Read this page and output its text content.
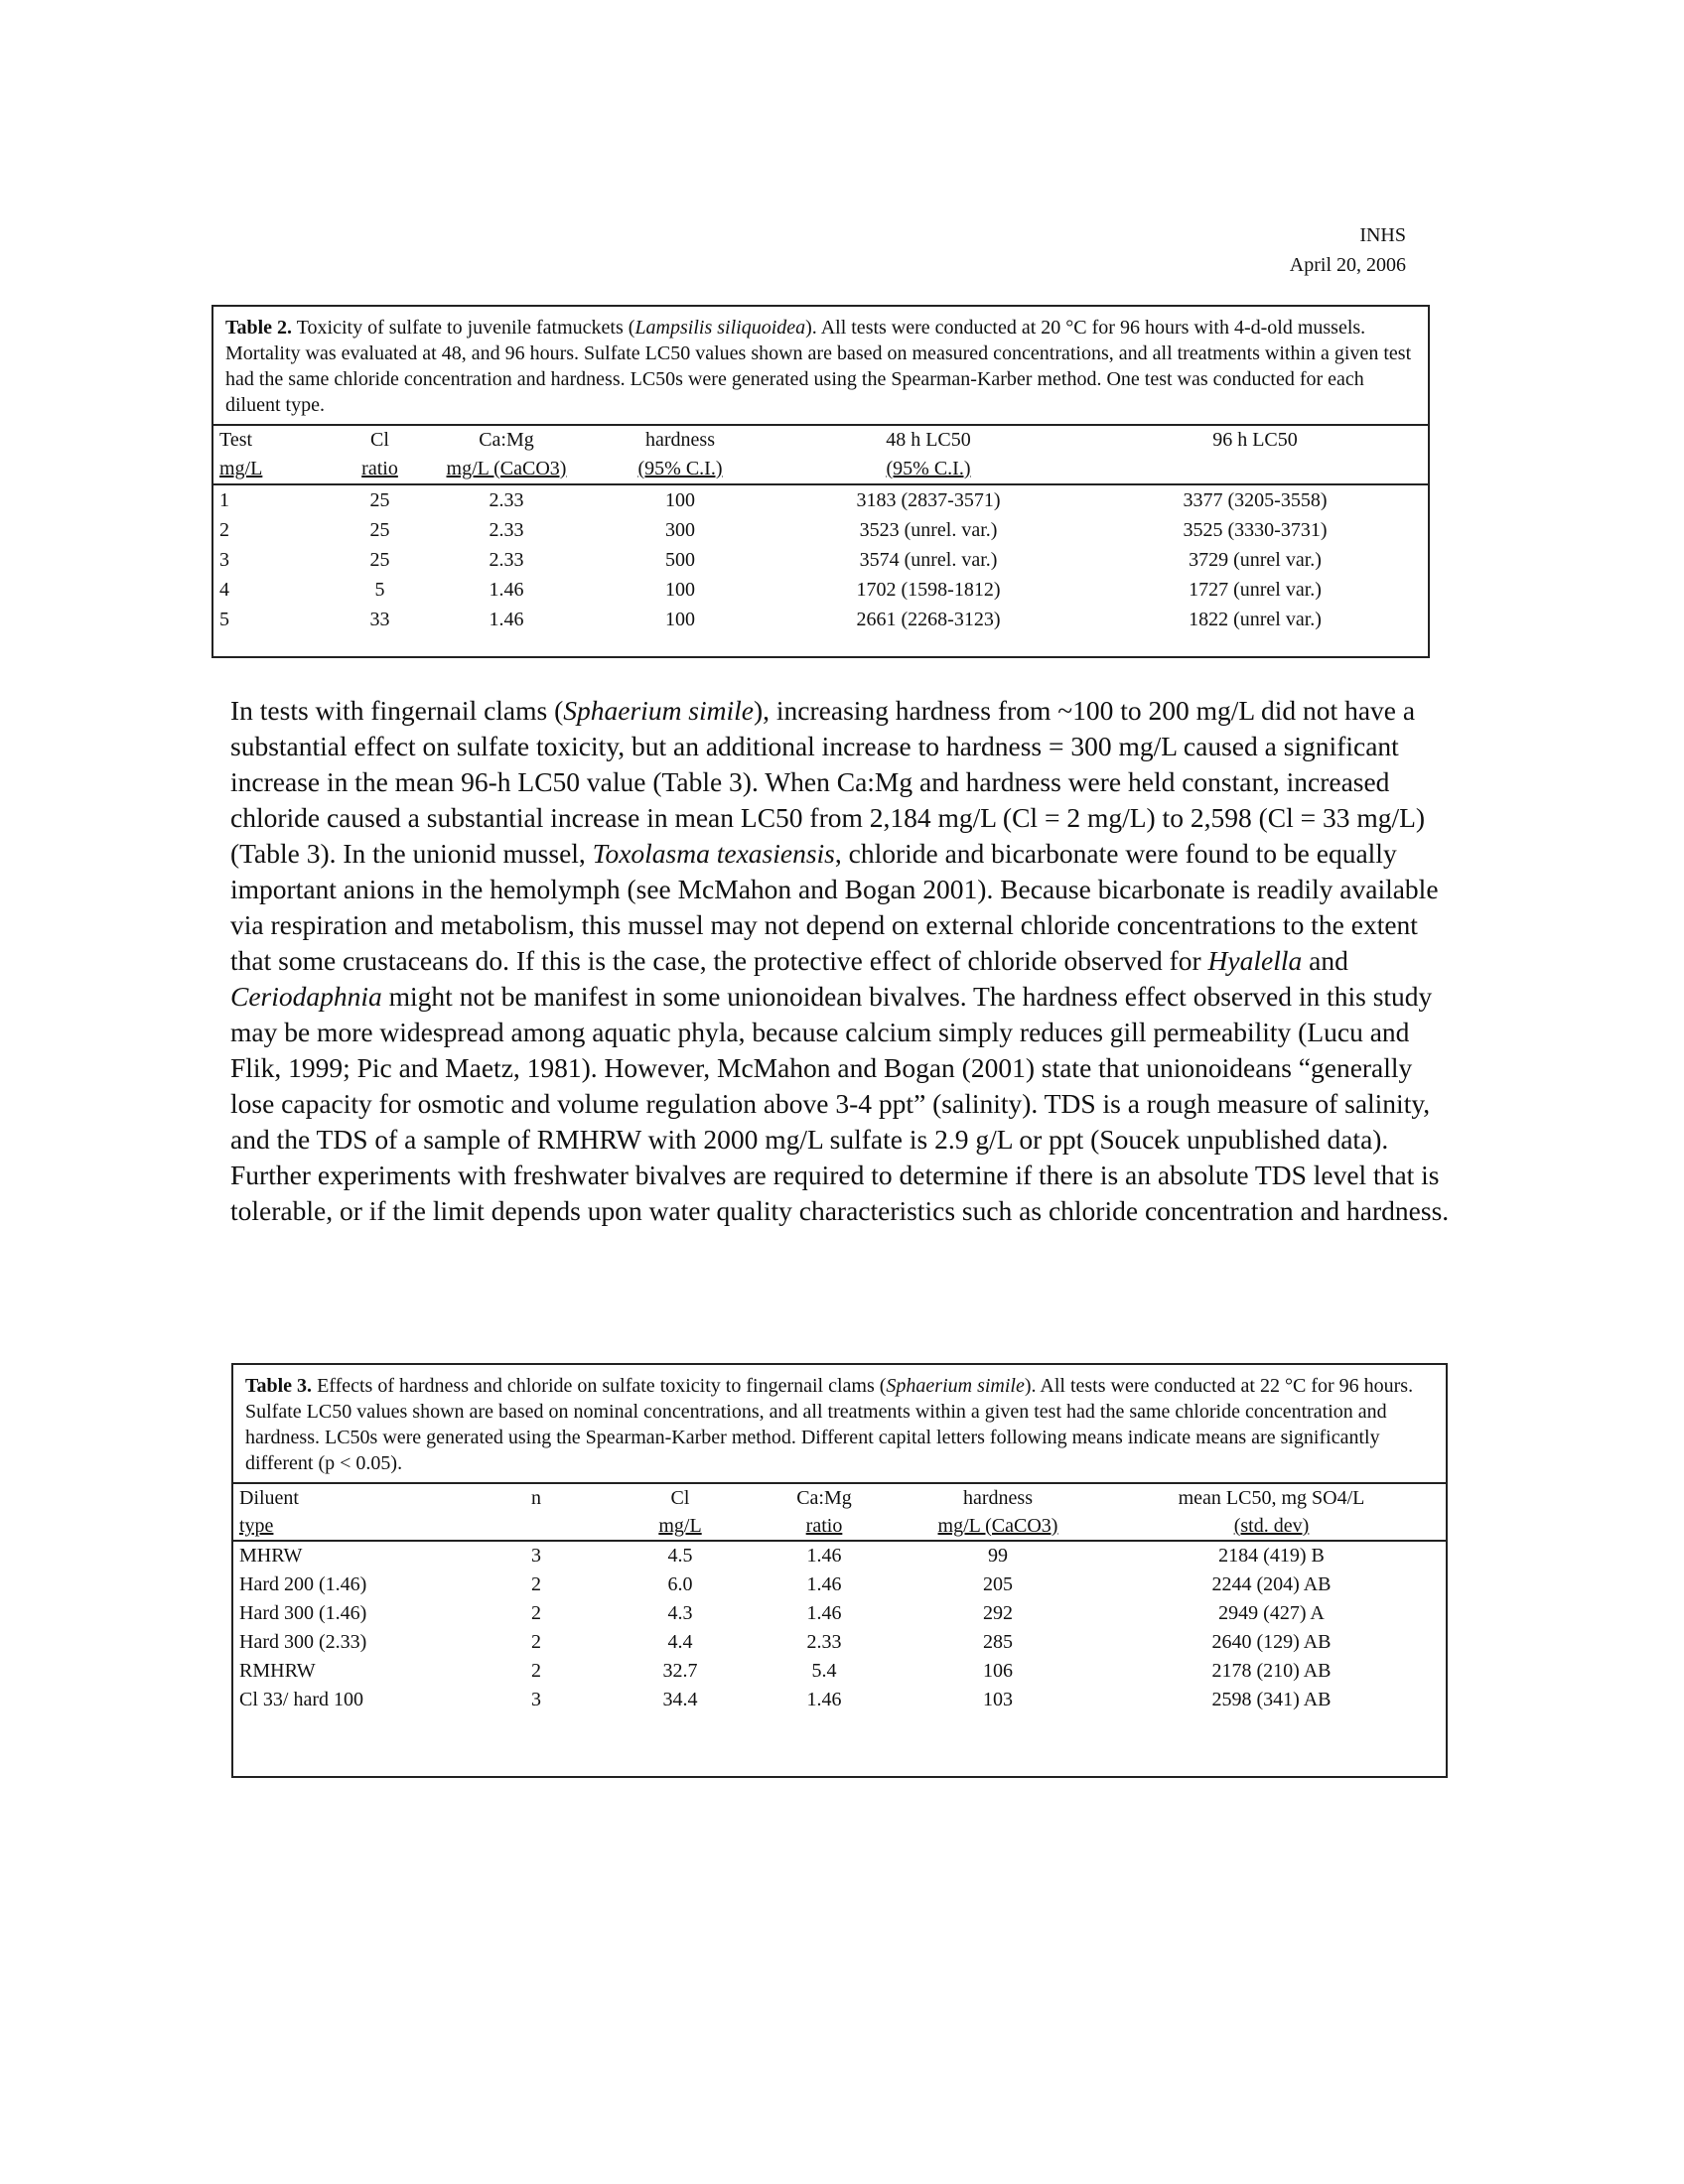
INHS
April 20, 2006
Table 2. Toxicity of sulfate to juvenile fatmuckets (Lampsilis siliquoidea). All tests were conducted at 20 °C for 96 hours with 4-d-old mussels. Mortality was evaluated at 48, and 96 hours. Sulfate LC50 values shown are based on measured concentrations, and all treatments within a given test had the same chloride concentration and hardness. LC50s were generated using the Spearman-Karber method. One test was conducted for each diluent type.
Test	Cl	Ca:Mg	hardness	48 h LC50	96 h LC50
mg/L	ratio	mg/L (CaCO3)	(95% C.I.)	(95% C.I.)	
1	25	2.33	100	3183 (2837-3571)	3377 (3205-3558)
2	25	2.33	300	3523 (unrel. var.)	3525 (3330-3731)
3	25	2.33	500	3574 (unrel. var.)	3729 (unrel var.)
4	5	1.46	100	1702 (1598-1812)	1727 (unrel var.)
5	33	1.46	100	2661 (2268-3123)	1822 (unrel var.)

In tests with fingernail clams (Sphaerium simile), increasing hardness from ~100 to 200 mg/L did not have a substantial effect on sulfate toxicity, but an additional increase to hardness = 300 mg/L caused a significant increase in the mean 96-h LC50 value (Table 3). When Ca:Mg and hardness were held constant, increased chloride caused a substantial increase in mean LC50 from 2,184 mg/L (Cl = 2 mg/L) to 2,598 (Cl = 33 mg/L) (Table 3). In the unionid mussel, Toxolasma texasiensis, chloride and bicarbonate were found to be equally important anions in the hemolymph (see McMahon and Bogan 2001). Because bicarbonate is readily available via respiration and metabolism, this mussel may not depend on external chloride concentrations to the extent that some crustaceans do. If this is the case, the protective effect of chloride observed for Hyalella and Ceriodaphnia might not be manifest in some unionoidean bivalves. The hardness effect observed in this study may be more widespread among aquatic phyla, because calcium simply reduces gill permeability (Lucu and Flik, 1999; Pic and Maetz, 1981). However, McMahon and Bogan (2001) state that unionoideans “generally lose capacity for osmotic and volume regulation above 3-4 ppt” (salinity). TDS is a rough measure of salinity, and the TDS of a sample of RMHRW with 2000 mg/L sulfate is 2.9 g/L or ppt (Soucek unpublished data). Further experiments with freshwater bivalves are required to determine if there is an absolute TDS level that is tolerable, or if the limit depends upon water quality characteristics such as chloride concentration and hardness.

Table 3. Effects of hardness and chloride on sulfate toxicity to fingernail clams (Sphaerium simile). All tests were conducted at 22 °C for 96 hours. Sulfate LC50 values shown are based on nominal concentrations, and all treatments within a given test had the same chloride concentration and hardness. LC50s were generated using the Spearman-Karber method. Different capital letters following means indicate means are significantly different (p < 0.05).
Diluent	n	Cl	Ca:Mg	hardness	mean LC50, mg SO4/L
type		mg/L	ratio	mg/L (CaCO3)	(std. dev)
MHRW	3	4.5	1.46	99	2184 (419) B
Hard 200 (1.46)	2	6.0	1.46	205	2244 (204) AB
Hard 300 (1.46)	2	4.3	1.46	292	2949 (427) A
Hard 300 (2.33)	2	4.4	2.33	285	2640 (129) AB
RMHRW	2	32.7	5.4	106	2178 (210) AB
Cl 33/ hard 100	3	34.4	1.46	103	2598 (341) AB
